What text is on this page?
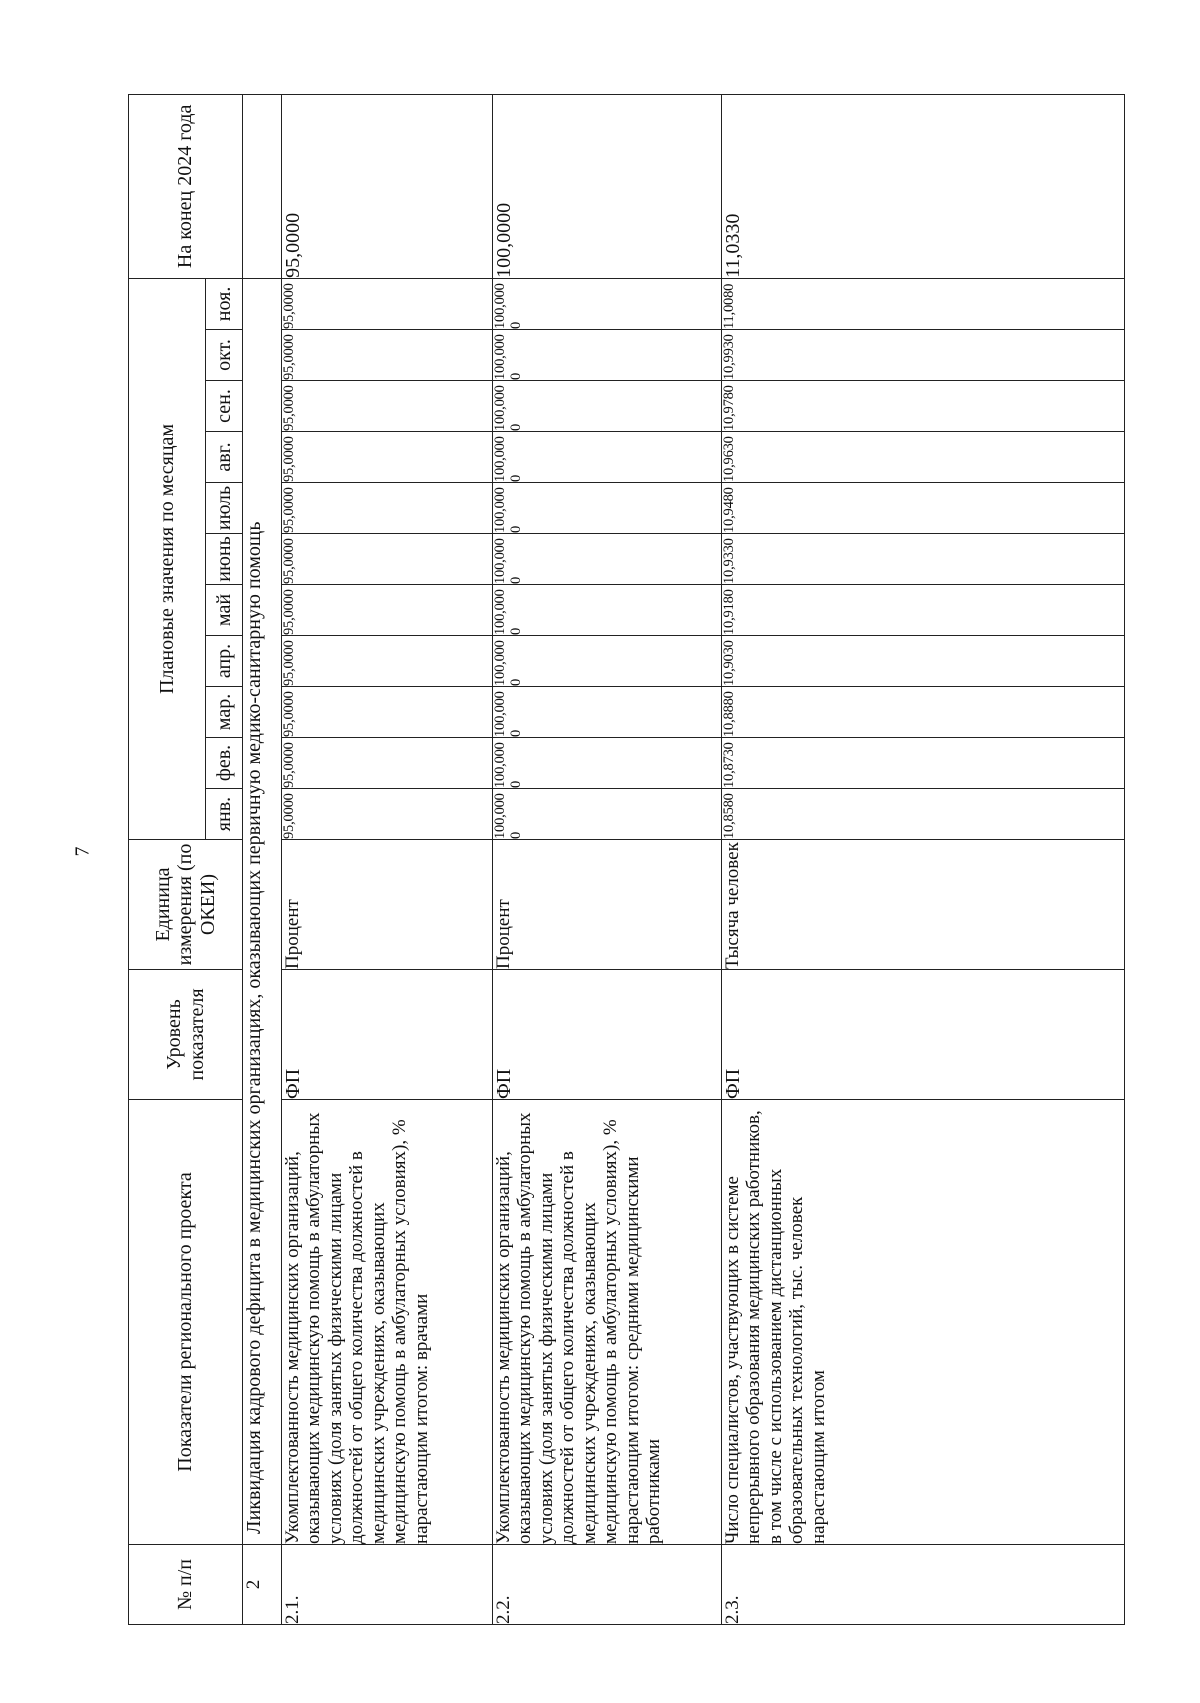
7
№ п/п	Показатели регионального проекта	Уровень показателя	Единица измерения (по ОКЕИ)	Плановые значения по месяцам											На конец 2024 года
				янв.	фев.	мар.	апр.	май	июнь	июль	авг.	сен.	окт.	ноя.	
2	Ликвидация кадрового дефицита в медицинских организациях, оказывающих первичную медико-санитарную помощь														
2.1.	Укомплектованность медицинских организаций, оказывающих медицинскую помощь в амбулаторных условиях (доля занятых физическими лицами должностей от общего количества должностей в медицинских учреждениях, оказывающих медицинскую помощь в амбулаторных условиях), % нарастающим итогом: врачами	ФП	Процент	95,0000	95,0000	95,0000	95,0000	95,0000	95,0000	95,0000	95,0000	95,0000	95,0000	95,0000	95,0000
2.2.	Укомплектованность медицинских организаций, оказывающих медицинскую помощь в амбулаторных условиях (доля занятых физическими лицами должностей от общего количества должностей в медицинских учреждениях, оказывающих медицинскую помощь в амбулаторных условиях), % нарастающим итогом: средними медицинскими работниками	ФП	Процент	100,0000	100,0000	100,0000	100,0000	100,0000	100,0000	100,0000	100,0000	100,0000	100,0000	100,0000	100,0000
2.3.	Число специалистов, участвующих в системе непрерывного образования медицинских работников, в том числе с использованием дистанционных образовательных технологий, тыс. человек нарастающим итогом	ФП	Тысяча человек	10,8580	10,8730	10,8880	10,9030	10,9180	10,9330	10,9480	10,9630	10,9780	10,9930	11,0080	11,0330
